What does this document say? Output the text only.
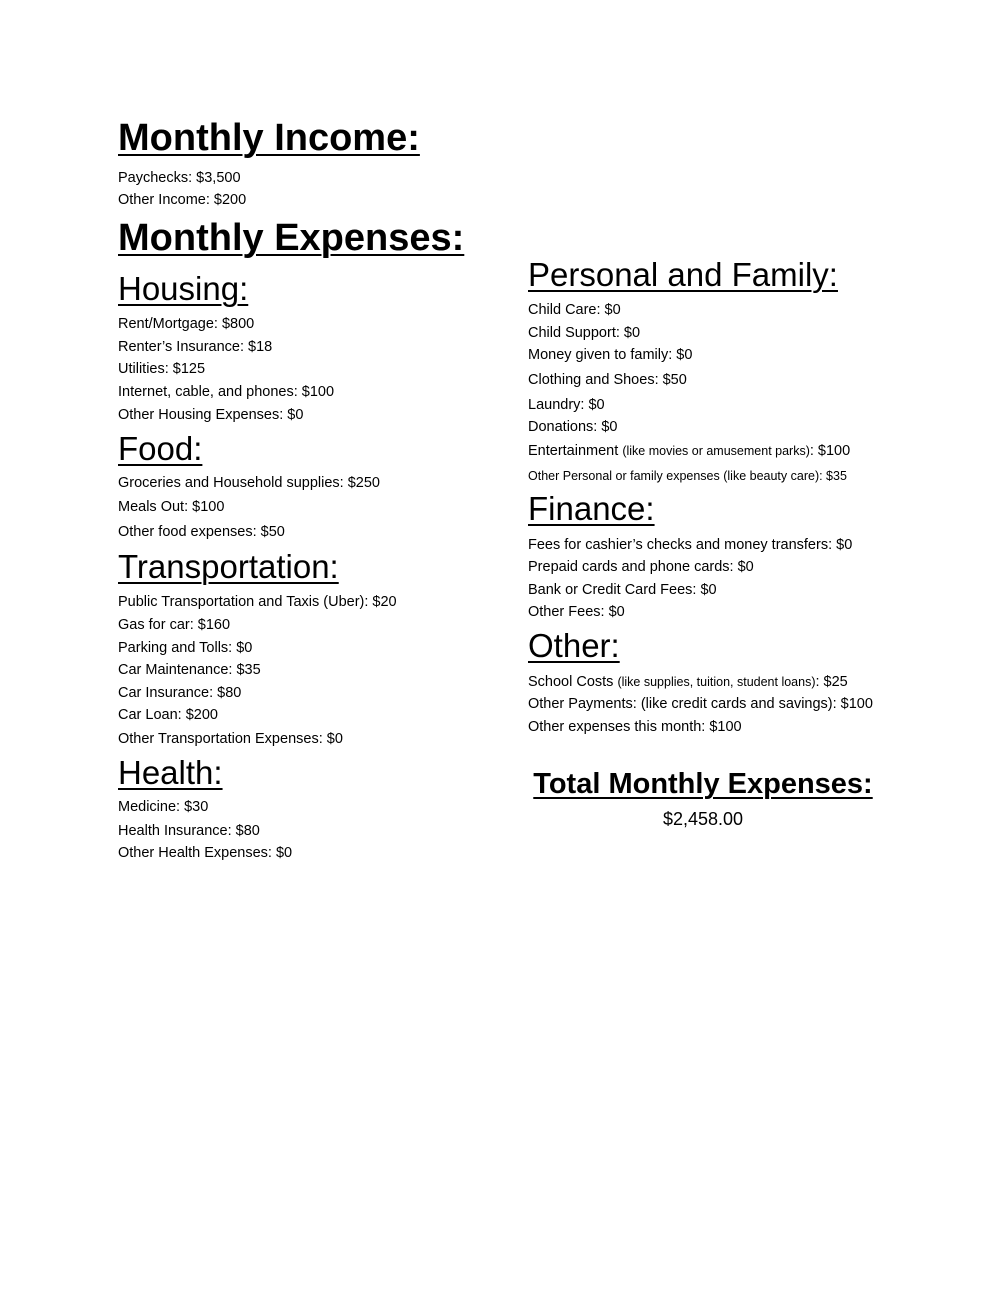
Monthly Income:

Paychecks: $3,500

Other Income: $200

Monthly Expenses:
Housing:

Rent/Mortgage: $800

Renter’s Insurance: $18

Utilities: $125

Internet, cable, and phones: $100

Other Housing Expenses: $0

Food:

Groceries and Household supplies: $250

Meals Out: $100

Other food expenses: $50

Transportation:

Public Transportation and Taxis (Uber): $20

Gas for car: $160

Parking and Tolls: $0

Car Maintenance: $35

Car Insurance: $80

Car Loan: $200

Other Transportation Expenses: $0

Health:

Medicine: $30

Health Insurance: $80

Other Health Expenses: $0

Personal and Family:

Child Care: $0

Child Support: $0

Money given to family: $0

Clothing and Shoes: $50

Laundry: $0

Donations: $0

Entertainment (like movies or amusement parks): $100

Other Personal or family expenses (like beauty care): $35

Finance:

Fees for cashier’s checks and money transfers: $0

Prepaid cards and phone cards: $0

Bank or Credit Card Fees: $0

Other Fees: $0

Other:

School Costs (like supplies, tuition, student loans): $25

Other Payments: (like credit cards and savings): $100

Other expenses this month: $100

Total Monthly Expenses:

$2,458.00
